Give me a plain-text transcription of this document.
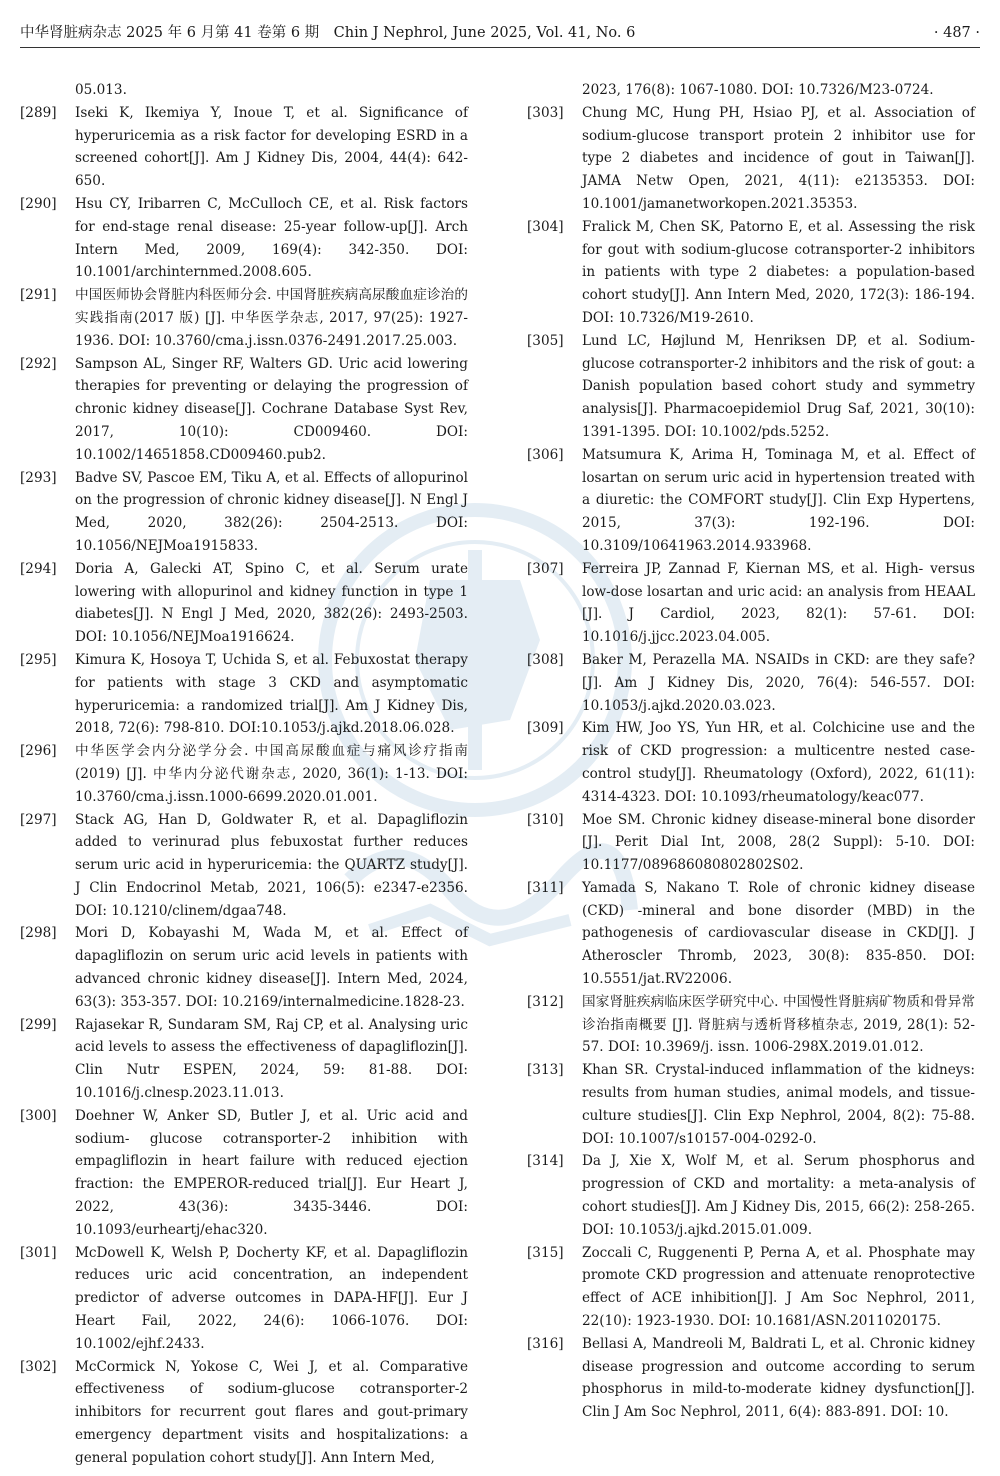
中华肾脏病杂志 2025 年 6 月第 41 卷第 6 期　Chin J Nephrol, June 2025, Vol. 41, No. 6	· 487 ·
05.013.
[289] Iseki K, Ikemiya Y, Inoue T, et al. Significance of hyperuricemia as a risk factor for developing ESRD in a screened cohort[J]. Am J Kidney Dis, 2004, 44(4): 642-650.
[290] Hsu CY, Iribarren C, McCulloch CE, et al. Risk factors for end-stage renal disease: 25-year follow-up[J]. Arch Intern Med, 2009, 169(4): 342-350. DOI: 10.1001/archinternmed.2008.605.
[291] 中国医师协会肾脏内科医师分会. 中国肾脏疾病高尿酸血症诊治的实践指南(2017 版) [J]. 中华医学杂志, 2017, 97(25): 1927-1936. DOI: 10.3760/cma.j.issn.0376-2491.2017.25.003.
[292] Sampson AL, Singer RF, Walters GD. Uric acid lowering therapies for preventing or delaying the progression of chronic kidney disease[J]. Cochrane Database Syst Rev, 2017, 10(10): CD009460. DOI: 10.1002/14651858.CD009460.pub2.
[293] Badve SV, Pascoe EM, Tiku A, et al. Effects of allopurinol on the progression of chronic kidney disease[J]. N Engl J Med, 2020, 382(26): 2504-2513. DOI: 10.1056/NEJMoa1915833.
[294] Doria A, Galecki AT, Spino C, et al. Serum urate lowering with allopurinol and kidney function in type 1 diabetes[J]. N Engl J Med, 2020, 382(26): 2493-2503. DOI: 10.1056/NEJMoa1916624.
[295] Kimura K, Hosoya T, Uchida S, et al. Febuxostat therapy for patients with stage 3 CKD and asymptomatic hyperuricemia: a randomized trial[J]. Am J Kidney Dis, 2018, 72(6): 798-810. DOI:10.1053/j.ajkd.2018.06.028.
[296] 中华医学会内分泌学分会. 中国高尿酸血症与痛风诊疗指南(2019) [J]. 中华内分泌代谢杂志, 2020, 36(1): 1-13. DOI: 10.3760/cma.j.issn.1000-6699.2020.01.001.
[297] Stack AG, Han D, Goldwater R, et al. Dapagliflozin added to verinurad plus febuxostat further reduces serum uric acid in hyperuricemia: the QUARTZ study[J]. J Clin Endocrinol Metab, 2021, 106(5): e2347-e2356. DOI: 10.1210/clinem/dgaa748.
[298] Mori D, Kobayashi M, Wada M, et al. Effect of dapagliflozin on serum uric acid levels in patients with advanced chronic kidney disease[J]. Intern Med, 2024, 63(3): 353-357. DOI: 10.2169/internalmedicine.1828-23.
[299] Rajasekar R, Sundaram SM, Raj CP, et al. Analysing uric acid levels to assess the effectiveness of dapagliflozin[J]. Clin Nutr ESPEN, 2024, 59: 81-88. DOI: 10.1016/j.clnesp.2023.11.013.
[300] Doehner W, Anker SD, Butler J, et al. Uric acid and sodium- glucose cotransporter-2 inhibition with empagliflozin in heart failure with reduced ejection fraction: the EMPEROR-reduced trial[J]. Eur Heart J, 2022, 43(36): 3435-3446. DOI: 10.1093/eurheartj/ehac320.
[301] McDowell K, Welsh P, Docherty KF, et al. Dapagliflozin reduces uric acid concentration, an independent predictor of adverse outcomes in DAPA-HF[J]. Eur J Heart Fail, 2022, 24(6): 1066-1076. DOI: 10.1002/ejhf.2433.
[302] McCormick N, Yokose C, Wei J, et al. Comparative effectiveness of sodium-glucose cotransporter-2 inhibitors for recurrent gout flares and gout-primary emergency department visits and hospitalizations: a general population cohort study[J]. Ann Intern Med,
2023, 176(8): 1067-1080. DOI: 10.7326/M23-0724.
[303] Chung MC, Hung PH, Hsiao PJ, et al. Association of sodium-glucose transport protein 2 inhibitor use for type 2 diabetes and incidence of gout in Taiwan[J]. JAMA Netw Open, 2021, 4(11): e2135353. DOI: 10.1001/jamanetworkopen.2021.35353.
[304] Fralick M, Chen SK, Patorno E, et al. Assessing the risk for gout with sodium-glucose cotransporter-2 inhibitors in patients with type 2 diabetes: a population-based cohort study[J]. Ann Intern Med, 2020, 172(3): 186-194. DOI: 10.7326/M19-2610.
[305] Lund LC, Højlund M, Henriksen DP, et al. Sodium-glucose cotransporter-2 inhibitors and the risk of gout: a Danish population based cohort study and symmetry analysis[J]. Pharmacoepidemiol Drug Saf, 2021, 30(10): 1391-1395. DOI: 10.1002/pds.5252.
[306] Matsumura K, Arima H, Tominaga M, et al. Effect of losartan on serum uric acid in hypertension treated with a diuretic: the COMFORT study[J]. Clin Exp Hypertens, 2015, 37(3): 192-196. DOI: 10.3109/10641963.2014.933968.
[307] Ferreira JP, Zannad F, Kiernan MS, et al. High- versus low-dose losartan and uric acid: an analysis from HEAAL [J]. J Cardiol, 2023, 82(1): 57-61. DOI: 10.1016/j.jjcc.2023.04.005.
[308] Baker M, Perazella MA. NSAIDs in CKD: are they safe?[J]. Am J Kidney Dis, 2020, 76(4): 546-557. DOI: 10.1053/j.ajkd.2020.03.023.
[309] Kim HW, Joo YS, Yun HR, et al. Colchicine use and the risk of CKD progression: a multicentre nested case-control study[J]. Rheumatology (Oxford), 2022, 61(11): 4314-4323. DOI: 10.1093/rheumatology/keac077.
[310] Moe SM. Chronic kidney disease-mineral bone disorder [J]. Perit Dial Int, 2008, 28(2 Suppl): 5-10. DOI: 10.1177/089686080802802S02.
[311] Yamada S, Nakano T. Role of chronic kidney disease (CKD) -mineral and bone disorder (MBD) in the pathogenesis of cardiovascular disease in CKD[J]. J Atheroscler Thromb, 2023, 30(8): 835-850. DOI: 10.5551/jat.RV22006.
[312] 国家肾脏疾病临床医学研究中心. 中国慢性肾脏病矿物质和骨异常诊治指南概要 [J]. 肾脏病与透析肾移植杂志, 2019, 28(1): 52-57. DOI: 10.3969/j. issn. 1006-298X.2019.01.012.
[313] Khan SR. Crystal-induced inflammation of the kidneys: results from human studies, animal models, and tissue-culture studies[J]. Clin Exp Nephrol, 2004, 8(2): 75-88. DOI: 10.1007/s10157-004-0292-0.
[314] Da J, Xie X, Wolf M, et al. Serum phosphorus and progression of CKD and mortality: a meta-analysis of cohort studies[J]. Am J Kidney Dis, 2015, 66(2): 258-265. DOI: 10.1053/j.ajkd.2015.01.009.
[315] Zoccali C, Ruggenenti P, Perna A, et al. Phosphate may promote CKD progression and attenuate renoprotective effect of ACE inhibition[J]. J Am Soc Nephrol, 2011, 22(10): 1923-1930. DOI: 10.1681/ASN.2011020175.
[316] Bellasi A, Mandreoli M, Baldrati L, et al. Chronic kidney disease progression and outcome according to serum phosphorus in mild-to-moderate kidney dysfunction[J]. Clin J Am Soc Nephrol, 2011, 6(4): 883-891. DOI: 10.
